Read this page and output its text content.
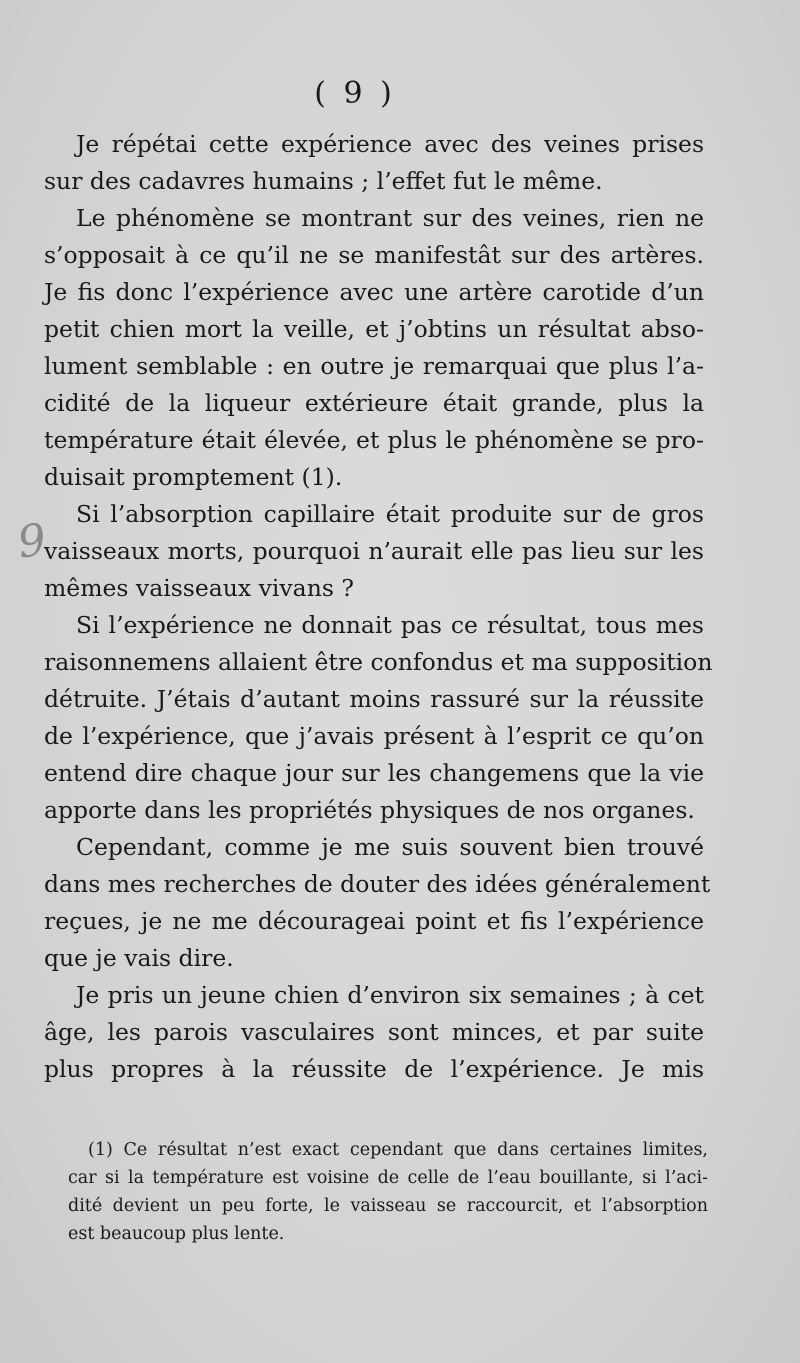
9
( 9 )
Je répétai cette expérience avec des veines prises
sur des cadavres humains ; l’effet fut le même.
Le phénomène se montrant sur des veines, rien ne
s’opposait à ce qu’il ne se manifestât sur des artères.
Je fis donc l’expérience avec une artère carotide d’un
petit chien mort la veille, et j’obtins un résultat abso-
lument semblable : en outre je remarquai que plus l’a-
cidité de la liqueur extérieure était grande, plus la
température était élevée, et plus le phénomène se pro-
duisait promptement (1).
Si l’absorption capillaire était produite sur de gros
vaisseaux morts, pourquoi n’aurait elle pas lieu sur les
mêmes vaisseaux vivans ?
Si l’expérience ne donnait pas ce résultat, tous mes
raisonnemens allaient être confondus et ma supposition
détruite. J’étais d’autant moins rassuré sur la réussite
de l’expérience, que j’avais présent à l’esprit ce qu’on
entend dire chaque jour sur les changemens que la vie
apporte dans les propriétés physiques de nos organes.
Cependant, comme je me suis souvent bien trouvé
dans mes recherches de douter des idées généralement
reçues, je ne me décourageai point et fis l’expérience
que je vais dire.
Je pris un jeune chien d’environ six semaines ; à cet
âge, les parois vasculaires sont minces, et par suite
plus propres à la réussite de l’expérience. Je mis
(1) Ce résultat n’est exact cependant que dans certaines limites,
car si la température est voisine de celle de l’eau bouillante, si l’aci-
dité devient un peu forte, le vaisseau se raccourcit, et l’absorption
est beaucoup plus lente.
